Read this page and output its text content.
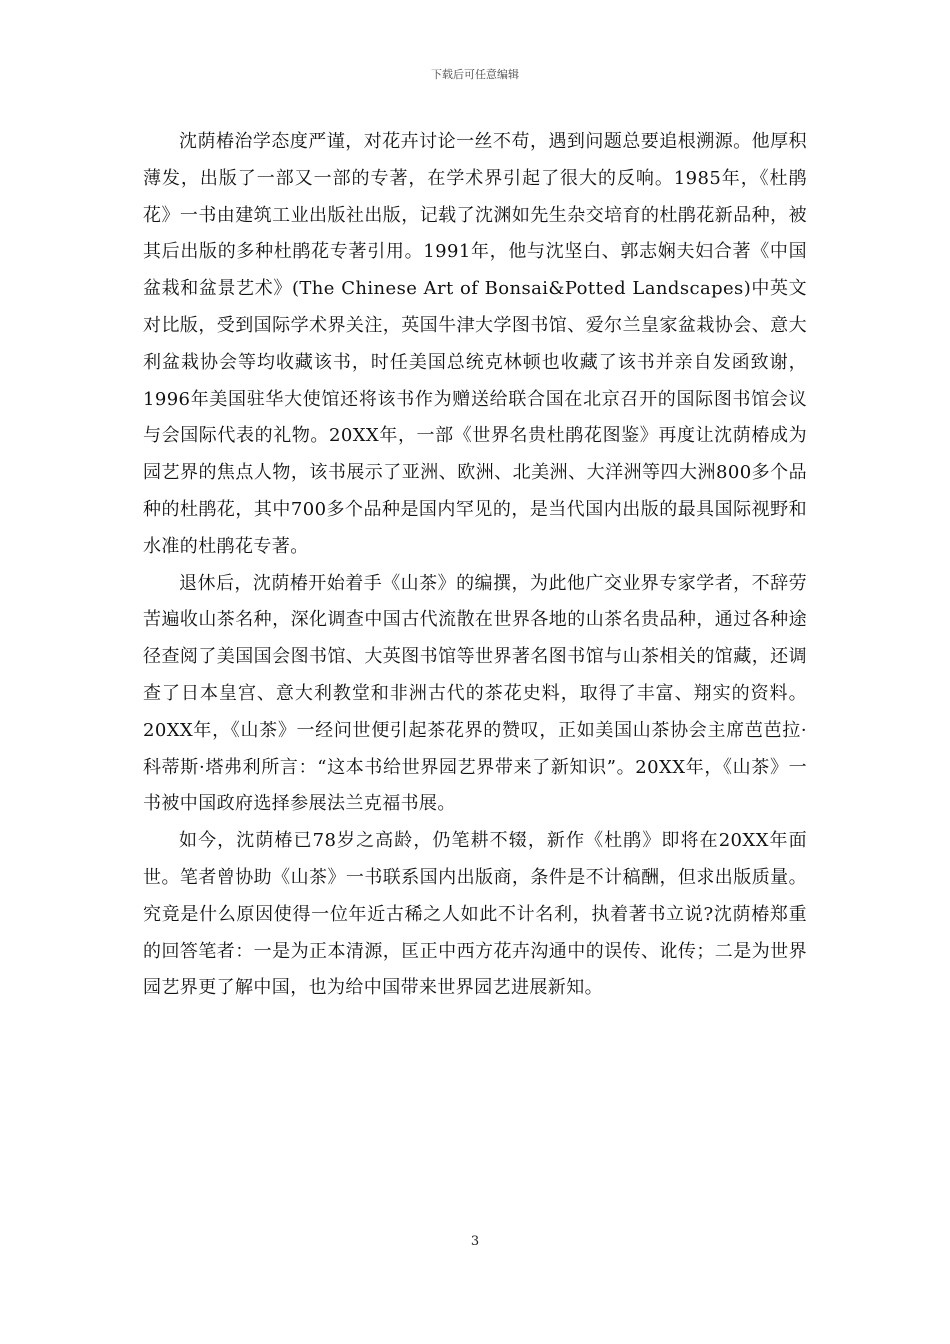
下载后可任意编辑

沈荫椿治学态度严谨，对花卉讨论一丝不苟，遇到问题总要追根溯源。他厚积薄发，出版了一部又一部的专著，在学术界引起了很大的反响。1985年，《杜鹃花》一书由建筑工业出版社出版，记载了沈渊如先生杂交培育的杜鹃花新品种，被其后出版的多种杜鹃花专著引用。1991年，他与沈坚白、郭志娴夫妇合著《中国盆栽和盆景艺术》(The Chinese Art of Bonsai&Potted Landscapes)中英文对比版，受到国际学术界关注，英国牛津大学图书馆、爱尔兰皇家盆栽协会、意大利盆栽协会等均收藏该书，时任美国总统克林顿也收藏了该书并亲自发函致谢，1996年美国驻华大使馆还将该书作为赠送给联合国在北京召开的国际图书馆会议与会国际代表的礼物。20XX年，一部《世界名贵杜鹃花图鉴》再度让沈荫椿成为园艺界的焦点人物，该书展示了亚洲、欧洲、北美洲、大洋洲等四大洲800多个品种的杜鹃花，其中700多个品种是国内罕见的，是当代国内出版的最具国际视野和水准的杜鹃花专著。

退休后，沈荫椿开始着手《山茶》的编撰，为此他广交业界专家学者，不辞劳苦遍收山茶名种，深化调查中国古代流散在世界各地的山茶名贵品种，通过各种途径查阅了美国国会图书馆、大英图书馆等世界著名图书馆与山茶相关的馆藏，还调查了日本皇宫、意大利教堂和非洲古代的茶花史料，取得了丰富、翔实的资料。20XX年，《山茶》一经问世便引起茶花界的赞叹，正如美国山茶协会主席芭芭拉·科蒂斯·塔弗利所言：“这本书给世界园艺界带来了新知识”。20XX年，《山茶》一书被中国政府选择参展法兰克福书展。

如今，沈荫椿已78岁之高龄，仍笔耕不辍，新作《杜鹃》即将在20XX年面世。笔者曾协助《山茶》一书联系国内出版商，条件是不计稿酬，但求出版质量。究竟是什么原因使得一位年近古稀之人如此不计名利，执着著书立说?沈荫椿郑重的回答笔者：一是为正本清源，匡正中西方花卉沟通中的误传、讹传；二是为世界园艺界更了解中国，也为给中国带来世界园艺进展新知。

3
